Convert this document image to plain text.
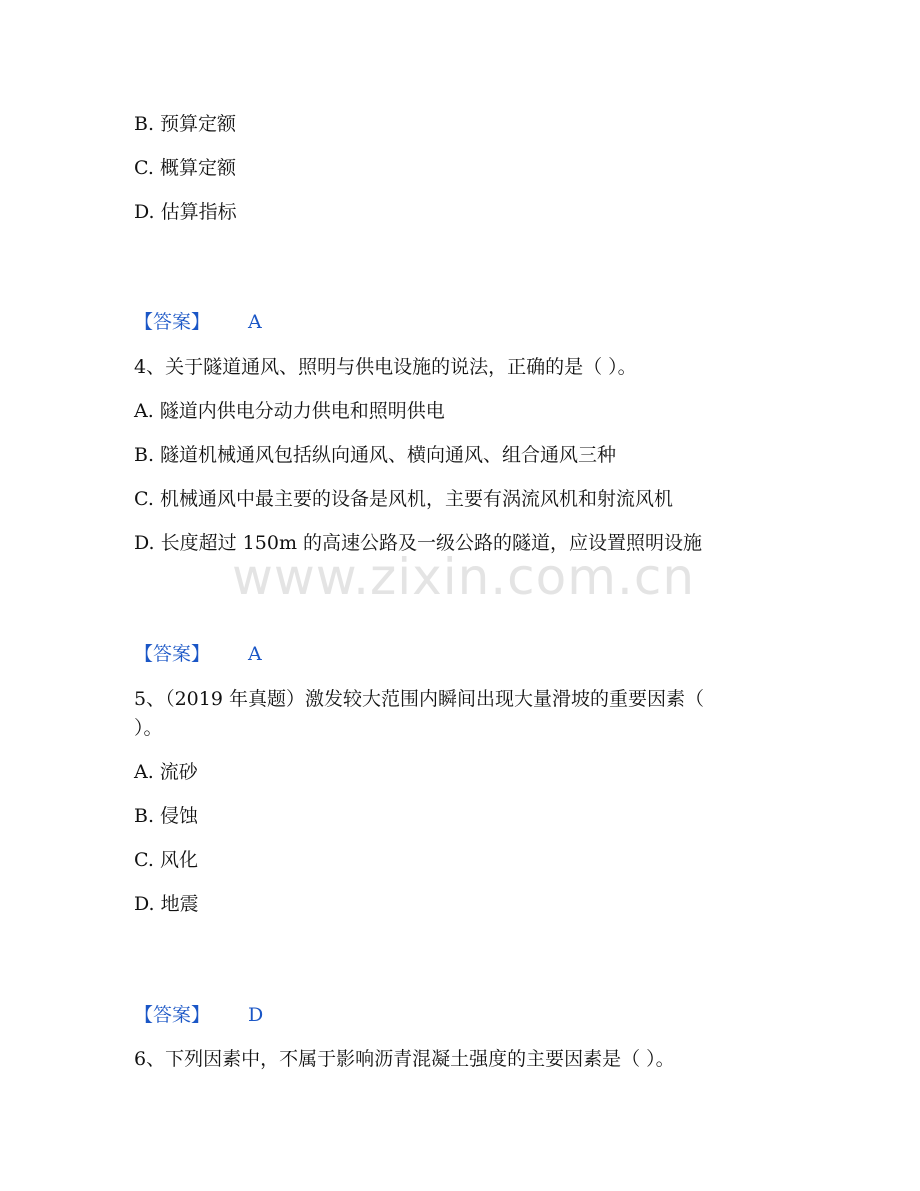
B. 预算定额
C. 概算定额
D. 估算指标
【答案】 A
4、关于隧道通风、照明与供电设施的说法，正确的是（ ）。
A. 隧道内供电分动力供电和照明供电
B. 隧道机械通风包括纵向通风、横向通风、组合通风三种
C. 机械通风中最主要的设备是风机，主要有涡流风机和射流风机
D. 长度超过 150m 的高速公路及一级公路的隧道，应设置照明设施
www.zixin.com.cn
【答案】 A
5、（2019 年真题）激发较大范围内瞬间出现大量滑坡的重要因素（
）。
A. 流砂
B. 侵蚀
C. 风化
D. 地震
【答案】 D
6、下列因素中，不属于影响沥青混凝土强度的主要因素是（ ）。
